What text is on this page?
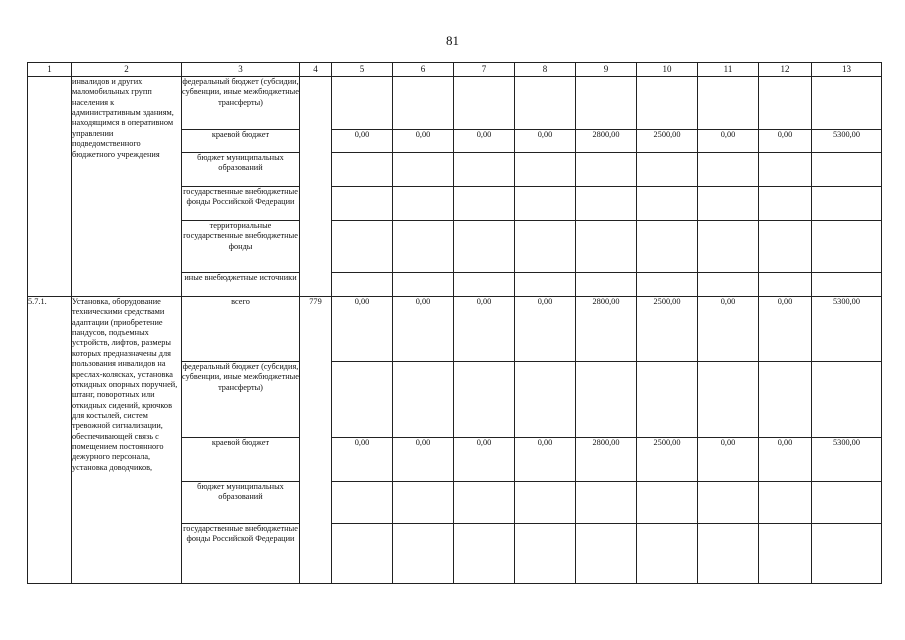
81
1	2	3	4	5	6	7	8	9	10	11	12	13
	инвалидов и других маломобильных групп населения к административным зданиям, находящимся в оперативном управлении подведомственного бюджетного учреждения	федеральный бюджет (субсидии, субвенции, иные межбюджетные трансферты)										
		краевой бюджет		0,00	0,00	0,00	0,00	2800,00	2500,00	0,00	0,00	5300,00
		бюджет муниципальных образований										
		государственные внебюджетные фонды Российской Федерации										
		территориальные государственные внебюджетные фонды										
		иные внебюджетные источники										
5.7.1.	Установка, оборудование техническими средствами адаптации (приобретение пандусов, подъемных устройств, лифтов, размеры которых предназначены для пользования инвалидов на креслах-колясках, установка откидных опорных поручней, штанг, поворотных или откидных сидений, крючков для костылей, систем тревожной сигнализации, обеспечивающей связь с помещением постоянного дежурного персонала, установка доводчиков,	всего	779	0,00	0,00	0,00	0,00	2800,00	2500,00	0,00	0,00	5300,00
		федеральный бюджет (субсидия, субвенции, иные межбюджетные трансферты)										
		краевой бюджет		0,00	0,00	0,00	0,00	2800,00	2500,00	0,00	0,00	5300,00
		бюджет муниципальных образований										
		государственные внебюджетные фонды Российской Федерации										
